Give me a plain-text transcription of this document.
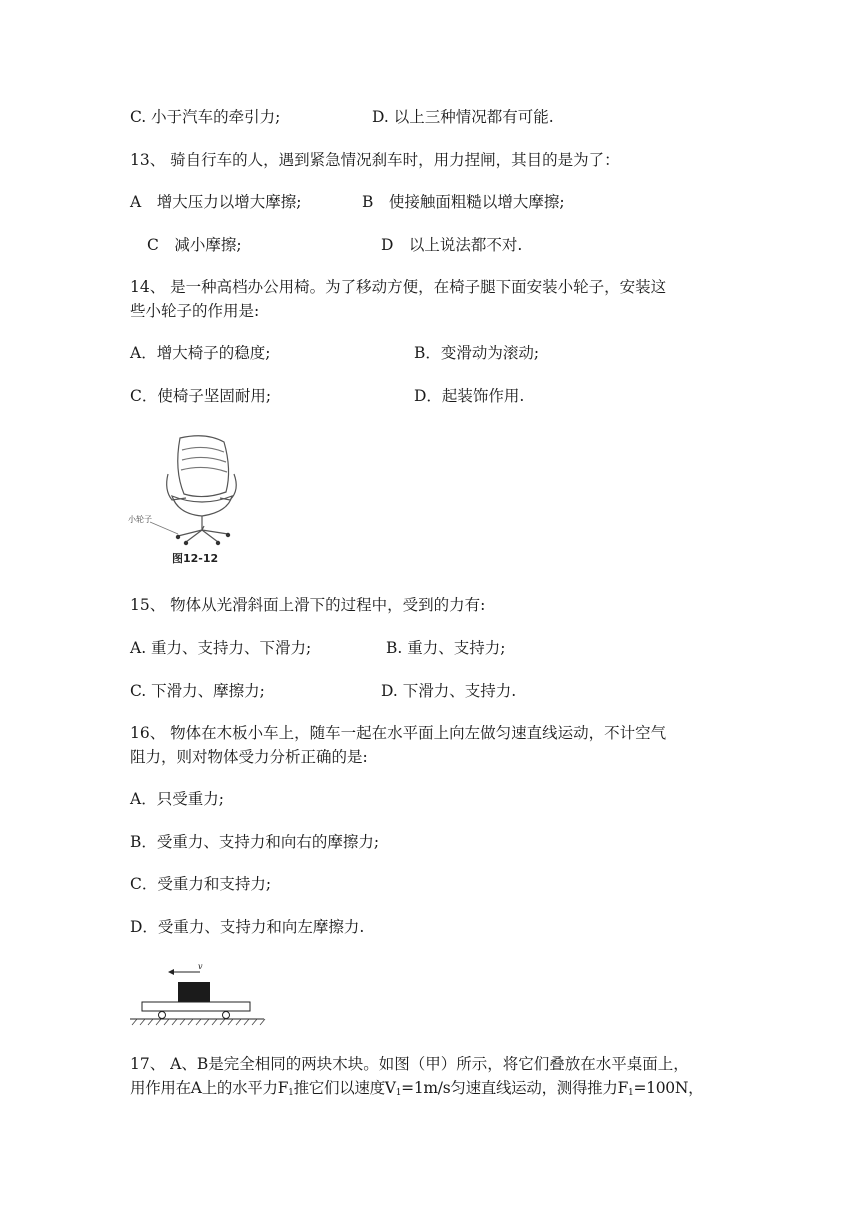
C. 小于汽车的牵引力;	D. 以上三种情况都有可能.
13、 骑自行车的人，遇到紧急情况刹车时，用力捏闸，其目的是为了：
A　增大压力以增大摩擦;	B　使接触面粗糙以增大摩擦;
C　减小摩擦;	D　以上说法都不对.
14、 是一种高档办公用椅。为了移动方便，在椅子腿下面安装小轮子，安装这
些小轮子的作用是:
A．增大椅子的稳度;	B．变滑动为滚动;
C．使椅子坚固耐用;	D．起装饰作用.
小轮子
图12-12
15、 物体从光滑斜面上滑下的过程中，受到的力有:
A. 重力、支持力、下滑力;	B. 重力、支持力;
C. 下滑力、摩擦力;	D. 下滑力、支持力.
16、 物体在木板小车上，随车一起在水平面上向左做匀速直线运动，不计空气
阻力，则对物体受力分析正确的是:
A．只受重力;
B．受重力、支持力和向右的摩擦力;
C．受重力和支持力;
D．受重力、支持力和向左摩擦力.
v
17、 A、B是完全相同的两块木块。如图（甲）所示，将它们叠放在水平桌面上，
用作用在A上的水平力$F_1$推它们以速度$V_1=1m/s$匀速直线运动，测得推力$F_1=100N$，
